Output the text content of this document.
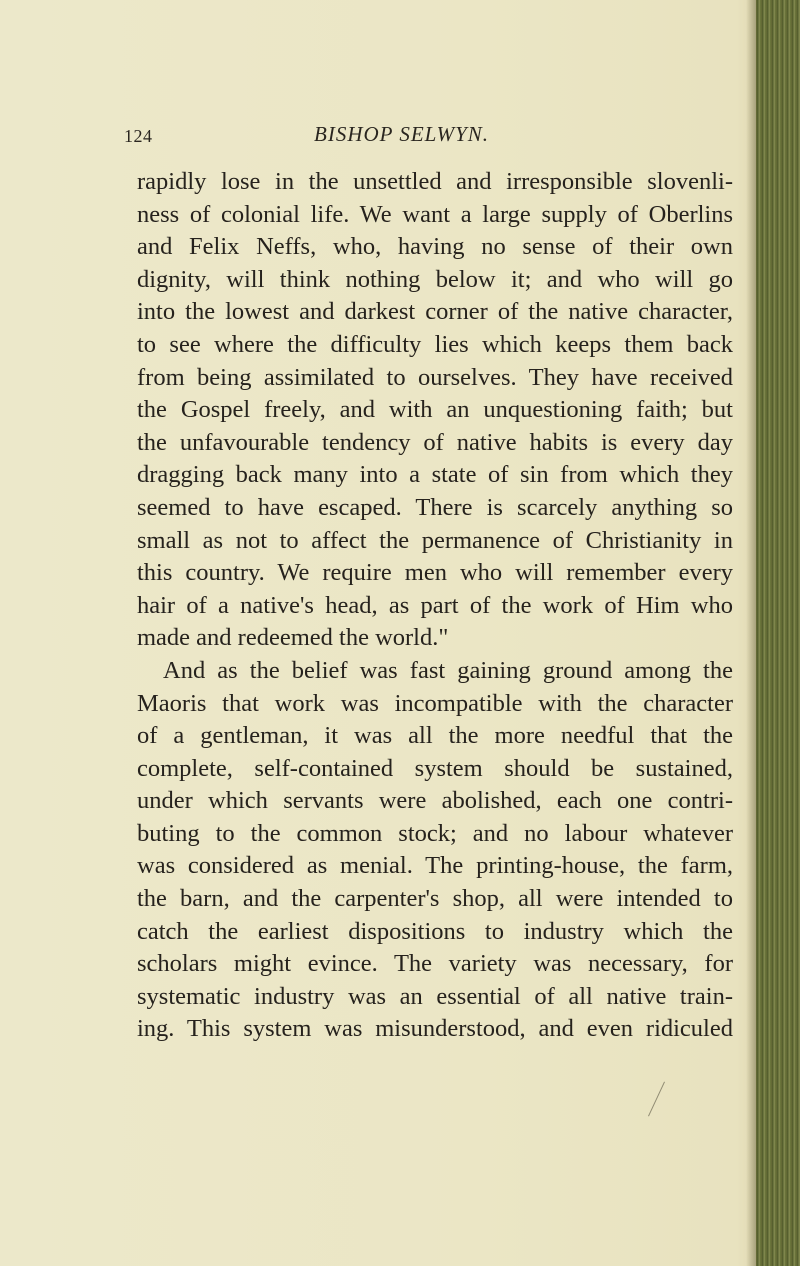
124	BISHOP SELWYN.
rapidly lose in the unsettled and irresponsible slovenli-
ness of colonial life. We want a large supply of Oberlins
and Felix Neffs, who, having no sense of their own
dignity, will think nothing below it; and who will go
into the lowest and darkest corner of the native character,
to see where the difficulty lies which keeps them back
from being assimilated to ourselves. They have received
the Gospel freely, and with an unquestioning faith; but
the unfavourable tendency of native habits is every day
dragging back many into a state of sin from which they
seemed to have escaped. There is scarcely anything so
small as not to affect the permanence of Christianity in
this country. We require men who will remember every
hair of a native's head, as part of the work of Him who
made and redeemed the world."
And as the belief was fast gaining ground among the
Maoris that work was incompatible with the character
of a gentleman, it was all the more needful that the
complete, self-contained system should be sustained,
under which servants were abolished, each one contri-
buting to the common stock; and no labour whatever
was considered as menial. The printing-house, the farm,
the barn, and the carpenter's shop, all were intended to
catch the earliest dispositions to industry which the
scholars might evince. The variety was necessary, for
systematic industry was an essential of all native train-
ing. This system was misunderstood, and even ridiculed
